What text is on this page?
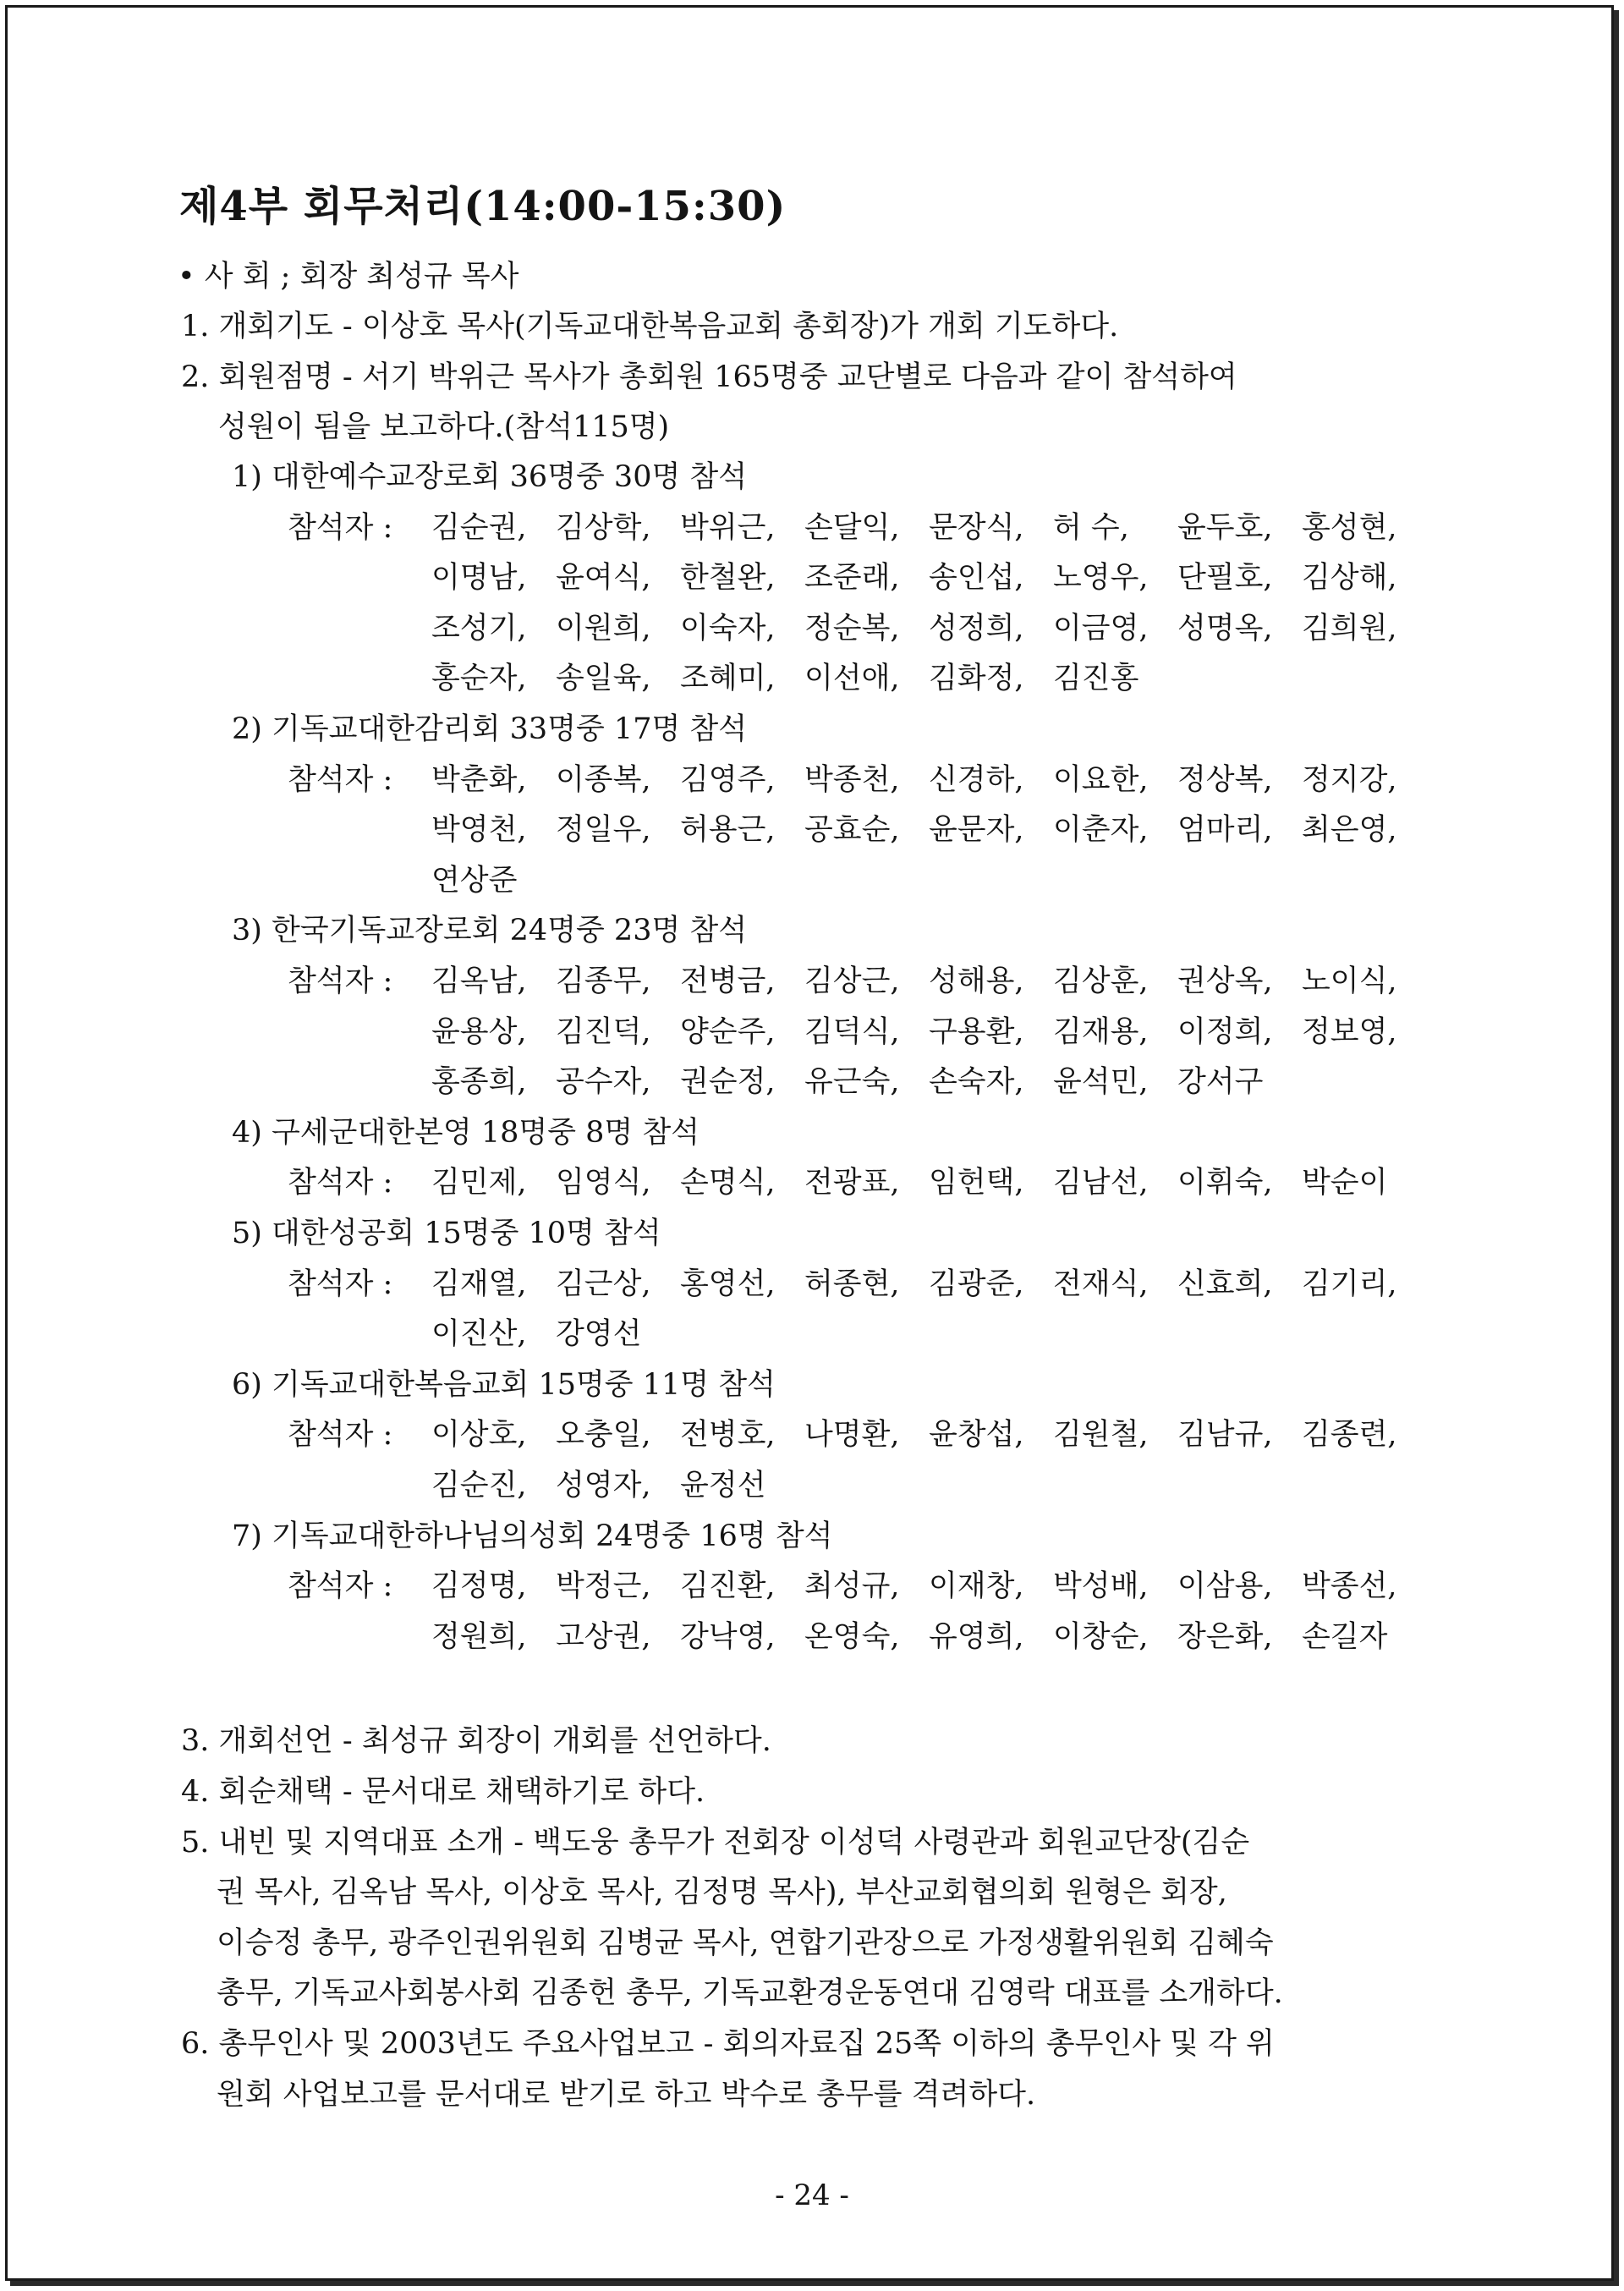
제4부 회무처리(14:00-15:30)
• 사 회 ; 회장 최성규 목사
1. 개회기도 - 이상호 목사(기독교대한복음교회 총회장)가 개회 기도하다.
2. 회원점명 - 서기 박위근 목사가 총회원 165명중 교단별로 다음과 같이 참석하여
성원이 됨을 보고하다.(참석115명)
1) 대한예수교장로회 36명중 30명 참석
참석자 : 김순권, 김상학, 박위근, 손달익, 문장식, 허 수,	윤두호, 홍성현,
이명남, 윤여식, 한철완, 조준래, 송인섭, 노영우, 단필호, 김상해,
조성기, 이원희, 이숙자, 정순복, 성정희, 이금영, 성명옥, 김희원,
홍순자, 송일육, 조혜미, 이선애, 김화정, 김진홍
2) 기독교대한감리회 33명중 17명 참석
참석자 : 박춘화, 이종복, 김영주, 박종천, 신경하, 이요한, 정상복, 정지강,
박영천, 정일우, 허용근, 공효순, 윤문자, 이춘자, 엄마리, 최은영,
연상준
3) 한국기독교장로회 24명중 23명 참석
참석자 : 김옥남, 김종무, 전병금, 김상근, 성해용, 김상훈, 권상옥, 노이식,
윤용상, 김진덕, 양순주, 김덕식, 구용환, 김재용, 이정희, 정보영,
홍종희, 공수자, 권순정, 유근숙, 손숙자, 윤석민, 강서구
4) 구세군대한본영 18명중 8명 참석
참석자 : 김민제, 임영식, 손명식, 전광표, 임헌택, 김남선, 이휘숙, 박순이
5) 대한성공회 15명중 10명 참석
참석자 : 김재열, 김근상, 홍영선, 허종현, 김광준, 전재식, 신효희, 김기리,
이진산, 강영선
6) 기독교대한복음교회 15명중 11명 참석
참석자 : 이상호, 오충일, 전병호, 나명환, 윤창섭, 김원철, 김남규, 김종련,
김순진, 성영자, 윤정선
7) 기독교대한하나님의성회 24명중 16명 참석
참석자 : 김정명, 박정근, 김진환, 최성규, 이재창, 박성배, 이삼용, 박종선,
정원희, 고상권, 강낙영, 온영숙, 유영희, 이창순, 장은화, 손길자
3. 개회선언 - 최성규 회장이 개회를 선언하다.
4. 회순채택 - 문서대로 채택하기로 하다.
5. 내빈 및 지역대표 소개 - 백도웅 총무가 전회장 이성덕 사령관과 회원교단장(김순
권 목사, 김옥남 목사, 이상호 목사, 김정명 목사), 부산교회협의회 원형은 회장,
이승정 총무, 광주인권위원회 김병균 목사, 연합기관장으로 가정생활위원회 김혜숙
총무, 기독교사회봉사회 김종헌 총무, 기독교환경운동연대 김영락 대표를 소개하다.
6. 총무인사 및 2003년도 주요사업보고 - 회의자료집 25쪽 이하의 총무인사 및 각 위
원회 사업보고를 문서대로 받기로 하고 박수로 총무를 격려하다.
- 24 -
